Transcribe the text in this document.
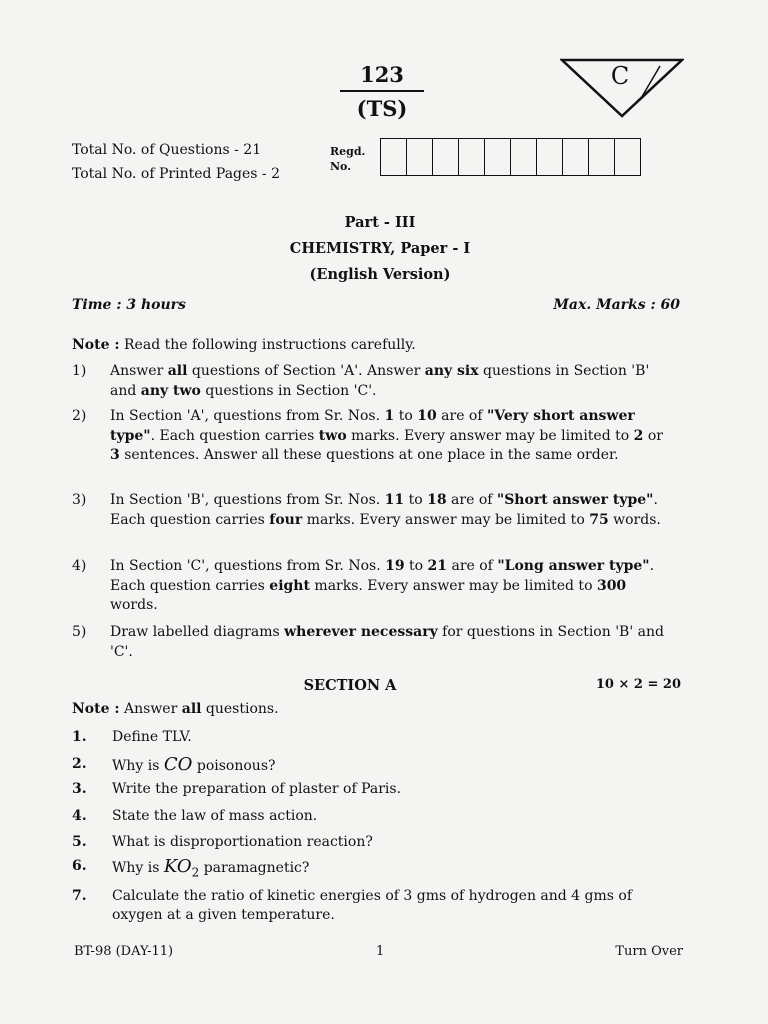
123
(TS)
C
Total No. of Questions - 21
Total No. of Printed Pages - 2
Regd.
No.
Part - III
CHEMISTRY, Paper - I
(English Version)
Time : 3 hours	Max. Marks : 60
Note : Read the following instructions carefully.
1) Answer all questions of Section 'A'. Answer any six questions in Section 'B' and any two questions in Section 'C'.
2) In Section 'A', questions from Sr. Nos. 1 to 10 are of "Very short answer type". Each question carries two marks. Every answer may be limited to 2 or 3 sentences. Answer all these questions at one place in the same order.
3) In Section 'B', questions from Sr. Nos. 11 to 18 are of "Short answer type". Each question carries four marks. Every answer may be limited to 75 words.
4) In Section 'C', questions from Sr. Nos. 19 to 21 are of "Long answer type". Each question carries eight marks. Every answer may be limited to 300 words.
5) Draw labelled diagrams wherever necessary for questions in Section 'B' and 'C'.
SECTION A	10 × 2 = 20
Note : Answer all questions.
1. Define TLV.
2. Why is CO poisonous?
3. Write the preparation of plaster of Paris.
4. State the law of mass action.
5. What is disproportionation reaction?
6. Why is $KO_2$ paramagnetic?
7. Calculate the ratio of kinetic energies of 3 gms of hydrogen and 4 gms of oxygen at a given temperature.
BT-98 (DAY-11)	1	Turn Over
